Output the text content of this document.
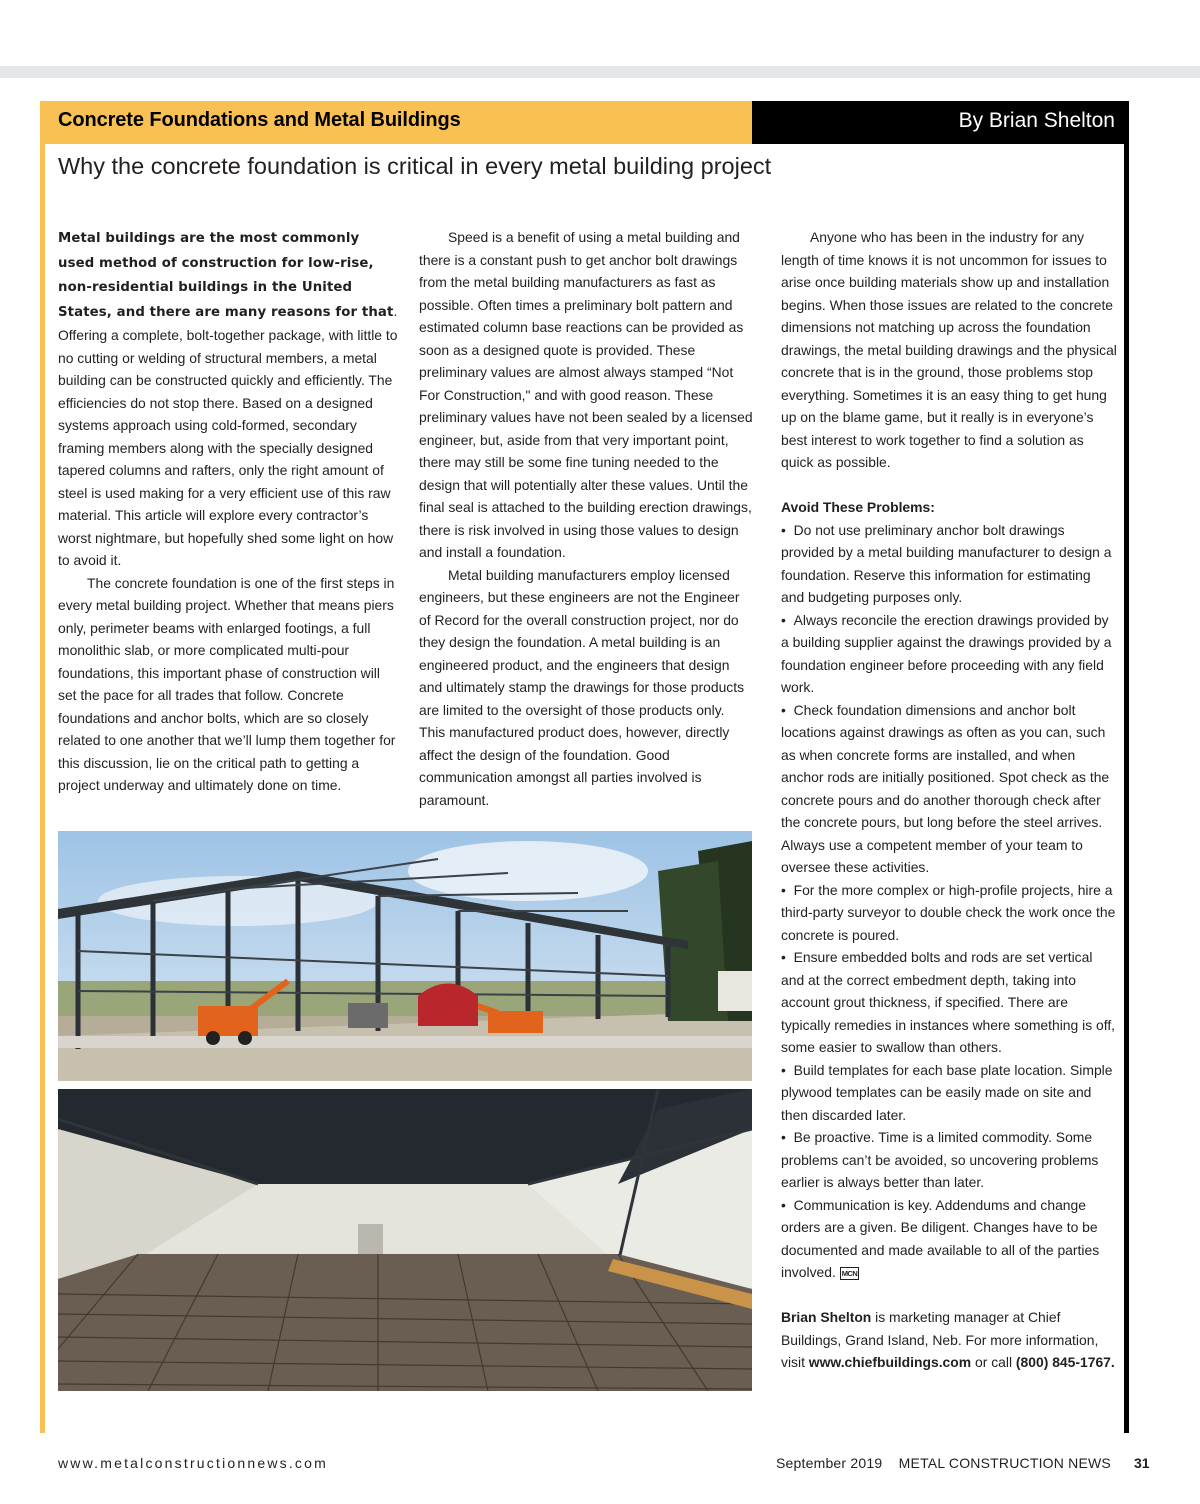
Concrete Foundations and Metal Buildings	By Brian Shelton
Why the concrete foundation is critical in every metal building project

Metal buildings are the most commonly used method of construction for low-rise, non-residential buildings in the United States, and there are many reasons for that. Offering a complete, bolt-together package, with little to no cutting or welding of structural members, a metal building can be constructed quickly and efficiently. The efficiencies do not stop there. Based on a designed systems approach using cold-formed, secondary framing members along with the specially designed tapered columns and rafters, only the right amount of steel is used making for a very efficient use of this raw material. This article will explore every contractor’s worst nightmare, but hopefully shed some light on how to avoid it.

The concrete foundation is one of the first steps in every metal building project. Whether that means piers only, perimeter beams with enlarged footings, a full monolithic slab, or more complicated multi-pour foundations, this important phase of construction will set the pace for all trades that follow. Concrete foundations and anchor bolts, which are so closely related to one another that we’ll lump them together for this discussion, lie on the critical path to getting a project underway and ultimately done on time.

Speed is a benefit of using a metal building and there is a constant push to get anchor bolt drawings from the metal building manufacturers as fast as possible. Often times a preliminary bolt pattern and estimated column base reactions can be provided as soon as a designed quote is provided. These preliminary values are almost always stamped “Not For Construction," and with good reason. These preliminary values have not been sealed by a licensed engineer, but, aside from that very important point, there may still be some fine tuning needed to the design that will potentially alter these values. Until the final seal is attached to the building erection drawings, there is risk involved in using those values to design and install a foundation.

Metal building manufacturers employ licensed engineers, but these engineers are not the Engineer of Record for the overall construction project, nor do they design the foundation. A metal building is an engineered product, and the engineers that design and ultimately stamp the drawings for those products are limited to the oversight of those products only. This manufactured product does, however, directly affect the design of the foundation. Good communication amongst all parties involved is paramount.

Anyone who has been in the industry for any length of time knows it is not uncommon for issues to arise once building materials show up and installation begins. When those issues are related to the concrete dimensions not matching up across the foundation drawings, the metal building drawings and the physical concrete that is in the ground, those problems stop everything. Sometimes it is an easy thing to get hung up on the blame game, but it really is in everyone’s best interest to work together to find a solution as quick as possible.

Avoid These Problems:

•  Do not use preliminary anchor bolt drawings provided by a metal building manufacturer to design a foundation. Reserve this information for estimating and budgeting purposes only.

•  Always reconcile the erection drawings provided by a building supplier against the drawings provided by a foundation engineer before proceeding with any field work.

•  Check foundation dimensions and anchor bolt locations against drawings as often as you can, such as when concrete forms are installed, and when anchor rods are initially positioned. Spot check as the concrete pours and do another thorough check after the concrete pours, but long before the steel arrives. Always use a competent member of your team to oversee these activities.

•  For the more complex or high-profile projects, hire a third-party surveyor to double check the work once the concrete is poured.

•  Ensure embedded bolts and rods are set vertical and at the correct embedment depth, taking into account grout thickness, if specified. There are typically remedies in instances where something is off, some easier to swallow than others.

•  Build templates for each base plate location. Simple plywood templates can be easily made on site and then discarded later.

•  Be proactive. Time is a limited commodity. Some problems can’t be avoided, so uncovering problems earlier is always better than later.

•  Communication is key. Addendums and change orders are a given. Be diligent. Changes have to be documented and made available to all of the parties involved. MCN

Brian Shelton is marketing manager at Chief Buildings, Grand Island, Neb. For more information, visit www.chiefbuildings.com or call (800) 845-1767.

www.metalconstructionnews.com	September 2019    METAL CONSTRUCTION NEWS 31
